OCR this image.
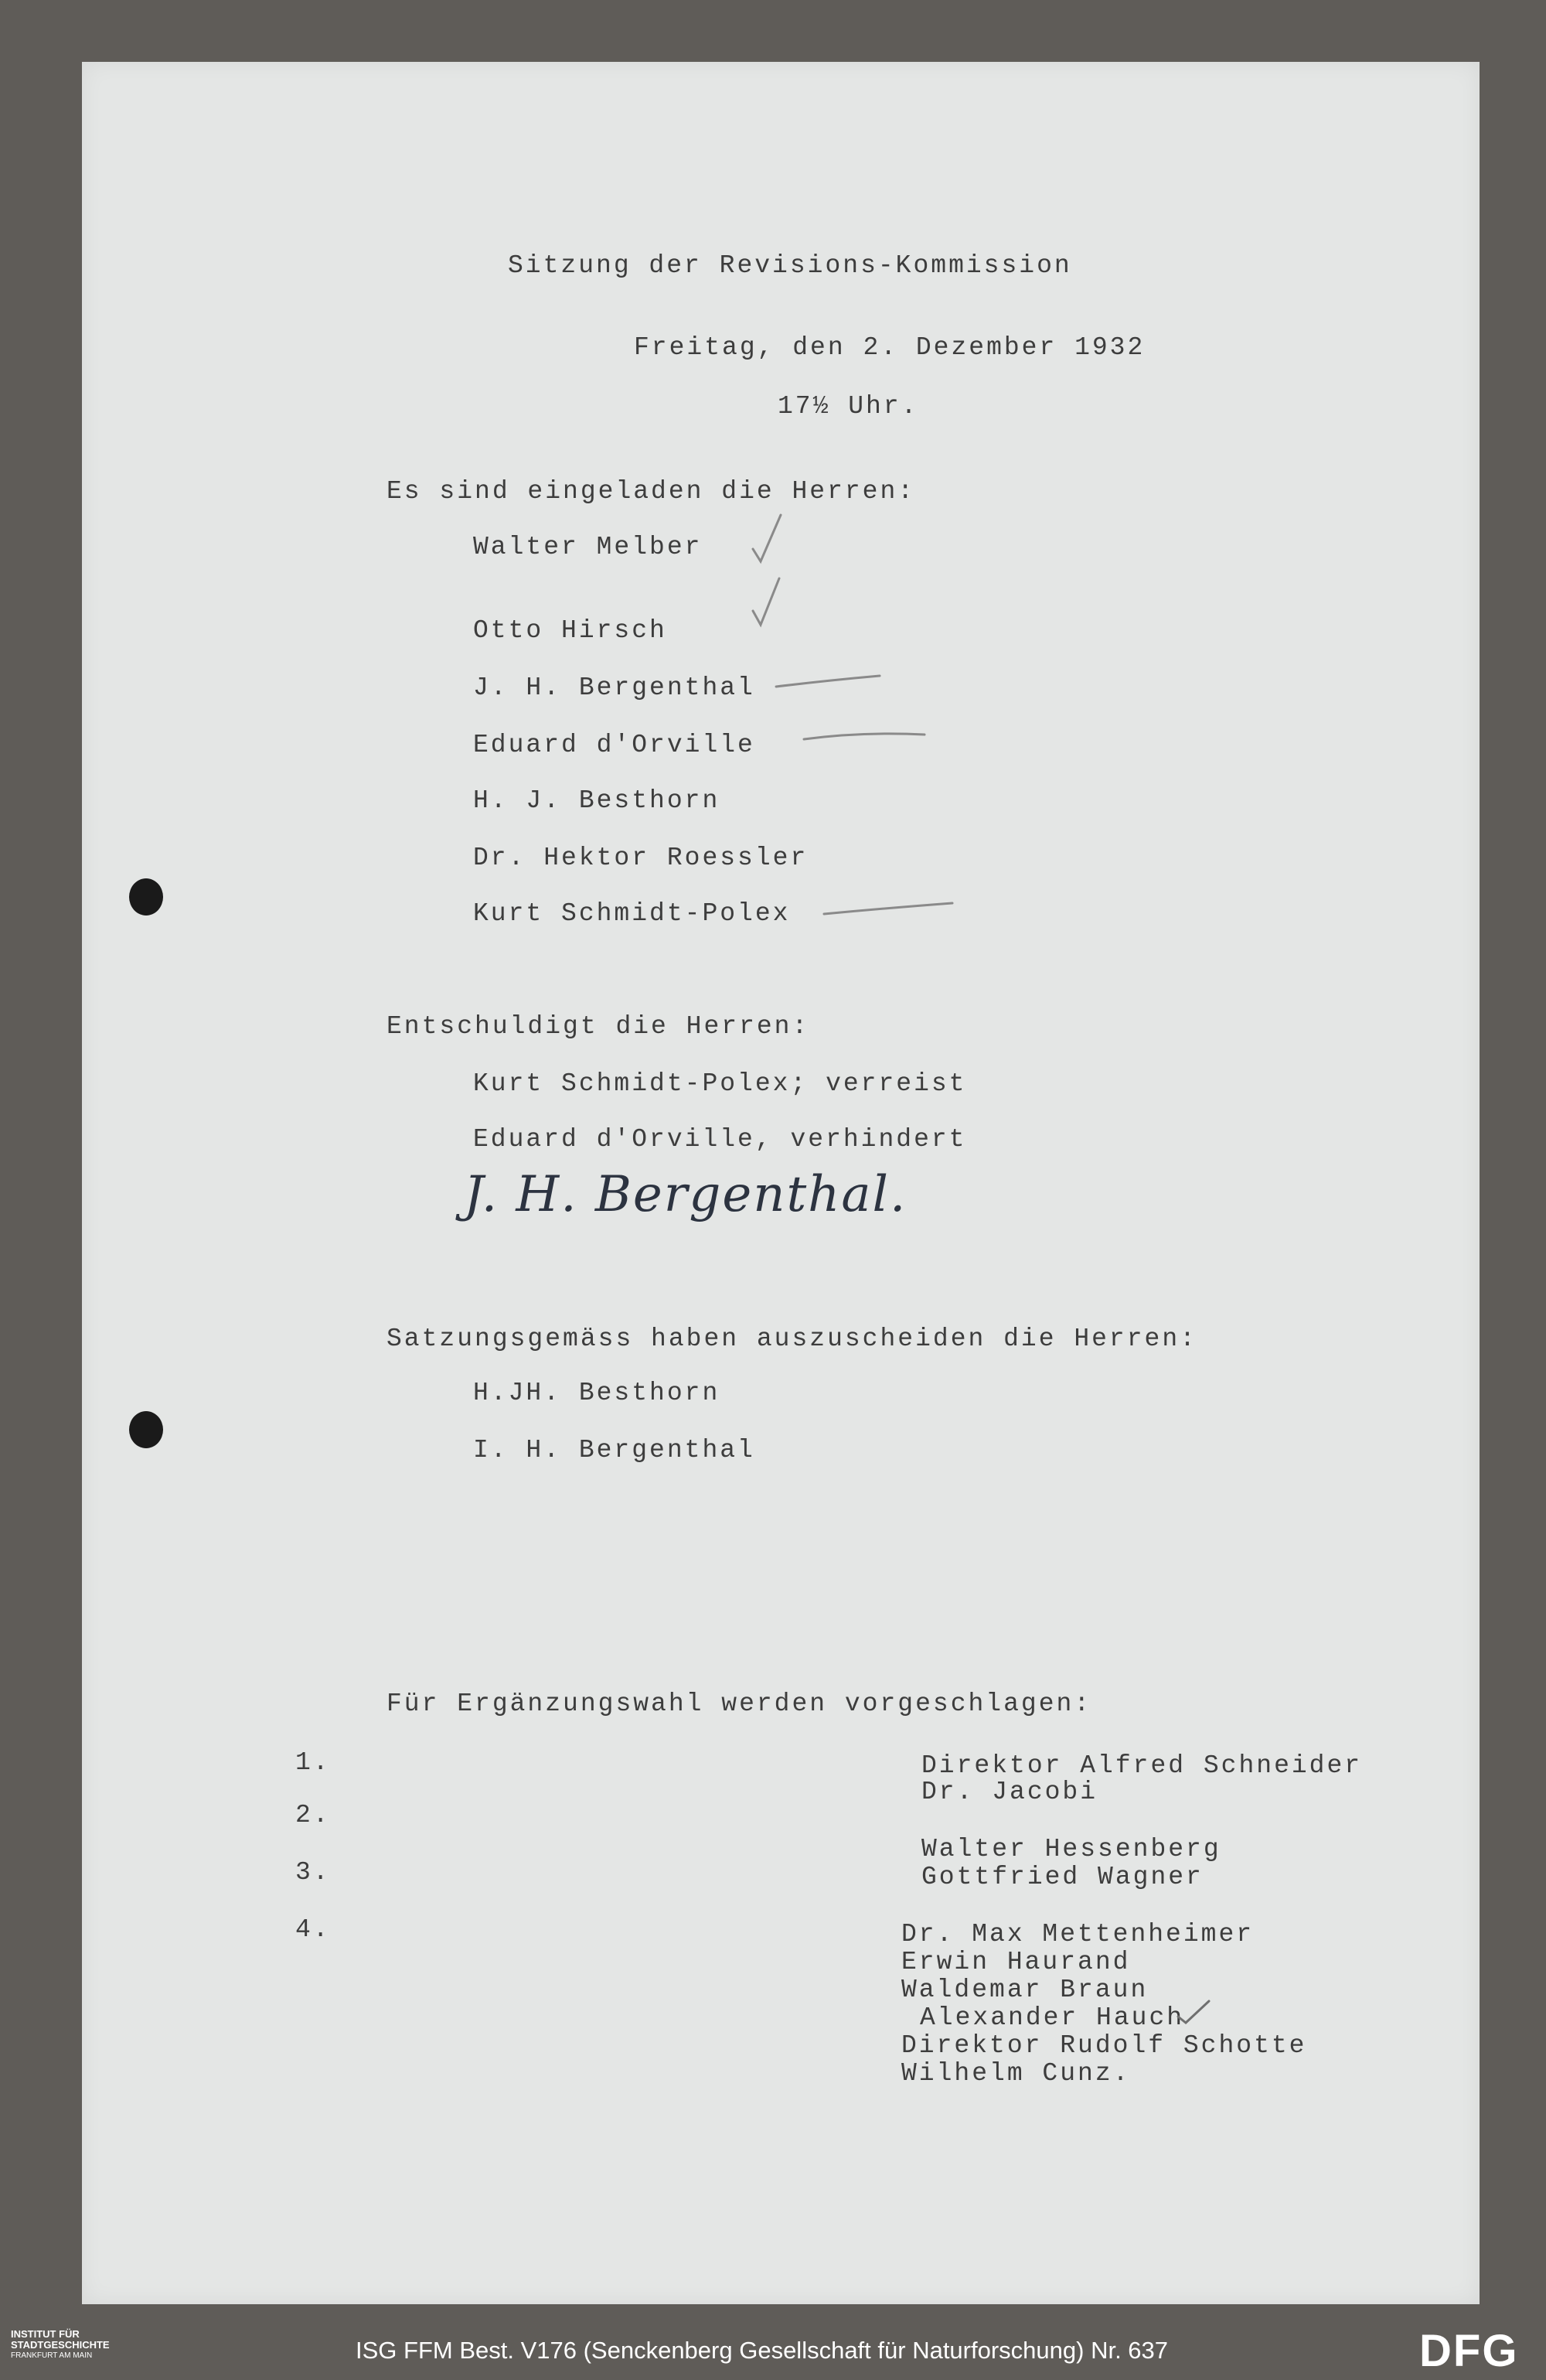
Sitzung der Revisions-Kommission
Freitag, den 2. Dezember 1932
17½ Uhr.
Es sind eingeladen die Herren:
Walter Melber
Otto Hirsch
J. H. Bergenthal
Eduard d'Orville
H. J. Besthorn
Dr. Hektor Roessler
Kurt Schmidt-Polex
Entschuldigt die Herren:
Kurt Schmidt-Polex; verreist
Eduard d'Orville, verhindert
J. H. Bergenthal.
Satzungsgemäss haben auszuscheiden die Herren:
H.JH. Besthorn
I. H. Bergenthal
Für Ergänzungswahl werden vorgeschlagen:
1.
2.
3.
4.
Direktor Alfred Schneider
Dr. Jacobi
Walter Hessenberg
Gottfried Wagner
Dr. Max Mettenheimer
Erwin Haurand
Waldemar Braun
Alexander Hauch
Direktor Rudolf Schotte
Wilhelm Cunz.
INSTITUT FÜR
STADTGESCHICHTE
FRANKFURT AM MAIN	ISG FFM Best. V176 (Senckenberg Gesellschaft für Naturforschung) Nr. 637	DFG
